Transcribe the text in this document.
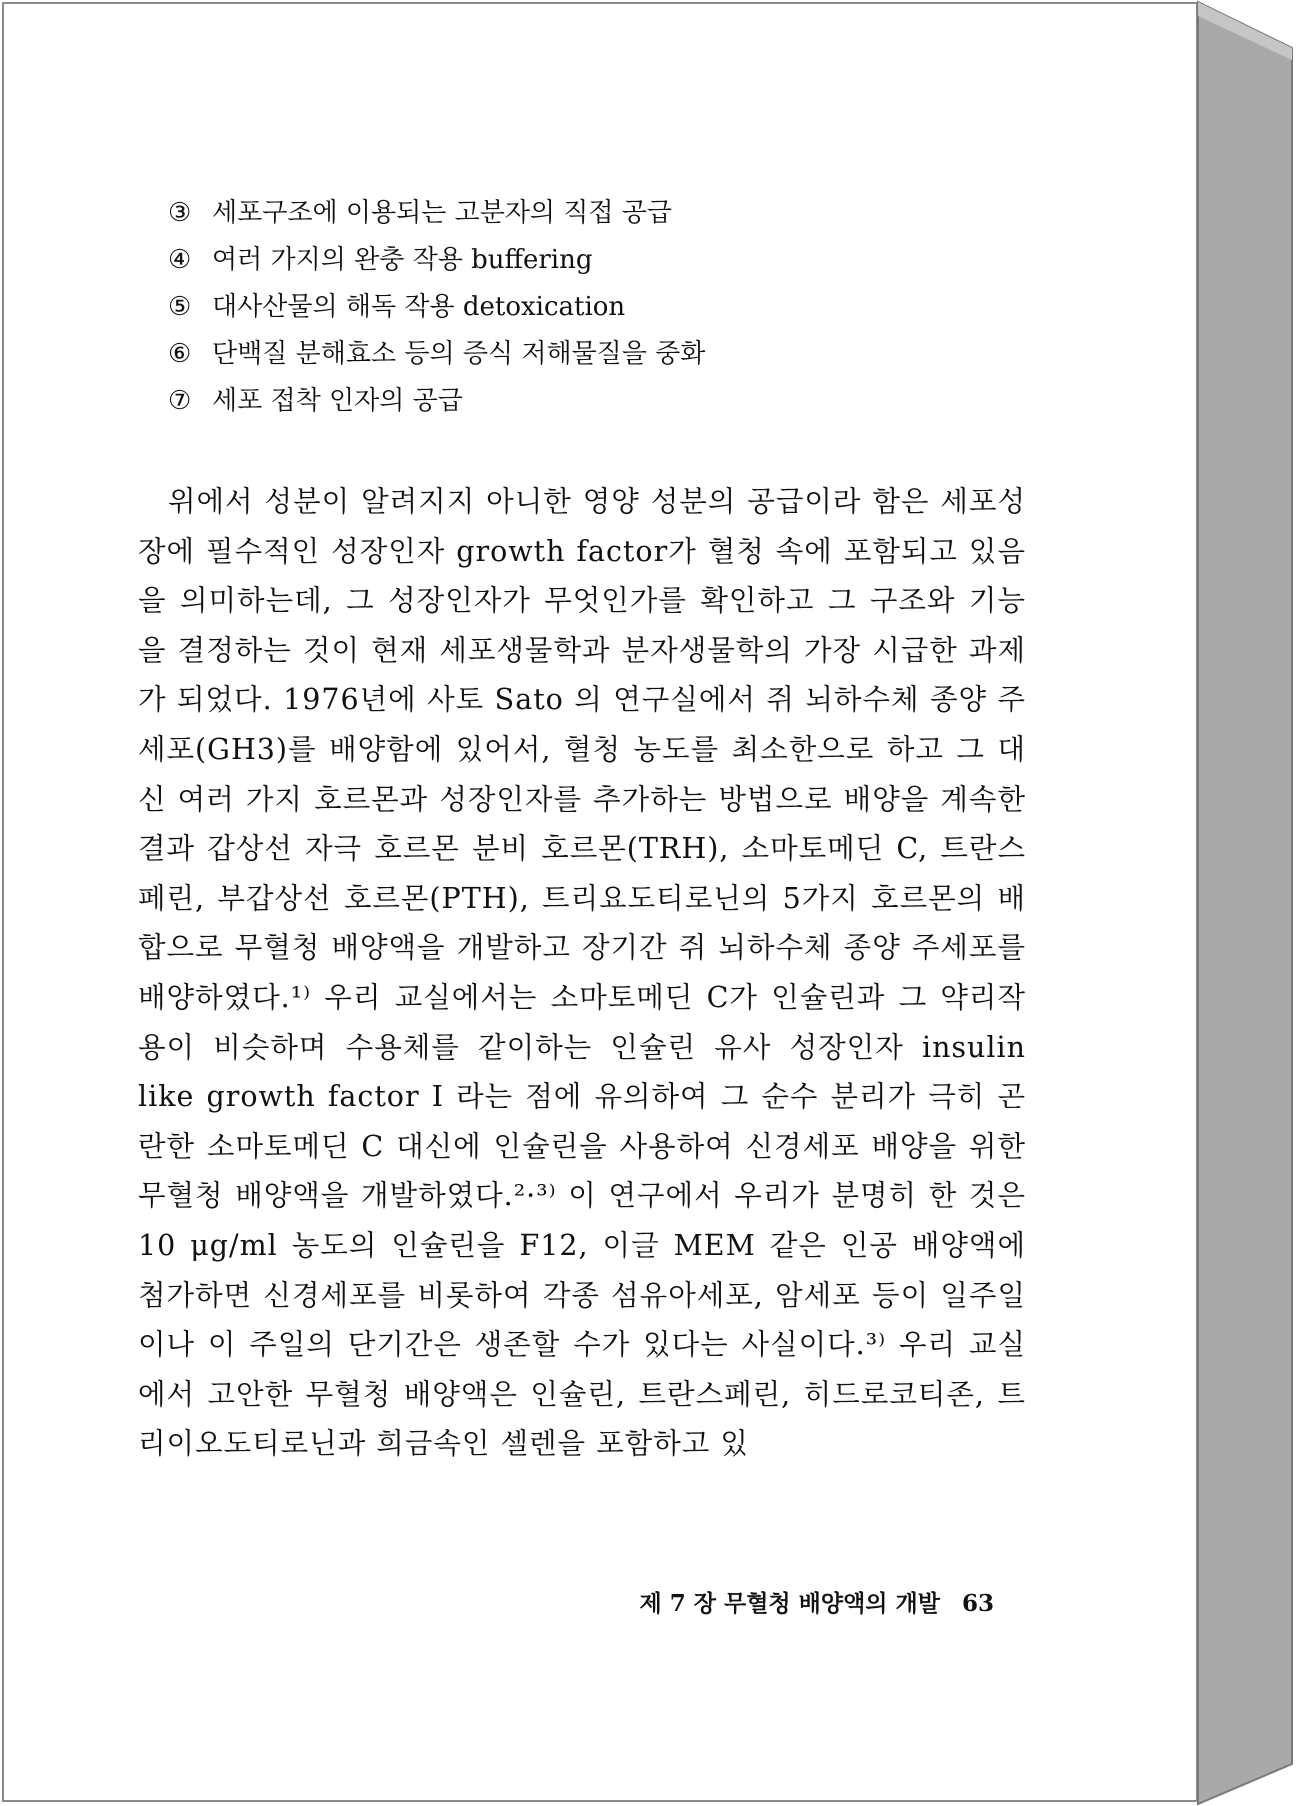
③ 세포구조에 이용되는 고분자의 직접 공급
④ 여러 가지의 완충 작용 buffering
⑤ 대사산물의 해독 작용 detoxication
⑥ 단백질 분해효소 등의 증식 저해물질을 중화
⑦ 세포 접착 인자의 공급

위에서 성분이 알려지지 아니한 영양 성분의 공급이라 함은 세포성장에 필수적인 성장인자 growth factor가 혈청 속에 포함되고 있음을 의미하는데, 그 성장인자가 무엇인가를 확인하고 그 구조와 기능을 결정하는 것이 현재 세포생물학과 분자생물학의 가장 시급한 과제가 되었다. 1976년에 사토 Sato 의 연구실에서 쥐 뇌하수체 종양 주세포(GH3)를 배양함에 있어서, 혈청 농도를 최소한으로 하고 그 대신 여러 가지 호르몬과 성장인자를 추가하는 방법으로 배양을 계속한 결과 갑상선 자극 호르몬 분비 호르몬(TRH), 소마토메딘 C, 트란스페린, 부갑상선 호르몬(PTH), 트리요도티로닌의 5가지 호르몬의 배합으로 무혈청 배양액을 개발하고 장기간 쥐 뇌하수체 종양 주세포를 배양하였다.¹⁾ 우리 교실에서는 소마토메딘 C가 인슐린과 그 약리작용이 비슷하며 수용체를 같이하는 인슐린 유사 성장인자 insulin like growth factor I 라는 점에 유의하여 그 순수 분리가 극히 곤란한 소마토메딘 C 대신에 인슐린을 사용하여 신경세포 배양을 위한 무혈청 배양액을 개발하였다.²·³⁾ 이 연구에서 우리가 분명히 한 것은 10 μg/ml 농도의 인슐린을 F12, 이글 MEM 같은 인공 배양액에 첨가하면 신경세포를 비롯하여 각종 섬유아세포, 암세포 등이 일주일이나 이 주일의 단기간은 생존할 수가 있다는 사실이다.³⁾ 우리 교실에서 고안한 무혈청 배양액은 인슐린, 트란스페린, 히드로코티존, 트리이오도티로닌과 희금속인 셀렌을 포함하고 있

제 7 장 무혈청 배양액의 개발 63
